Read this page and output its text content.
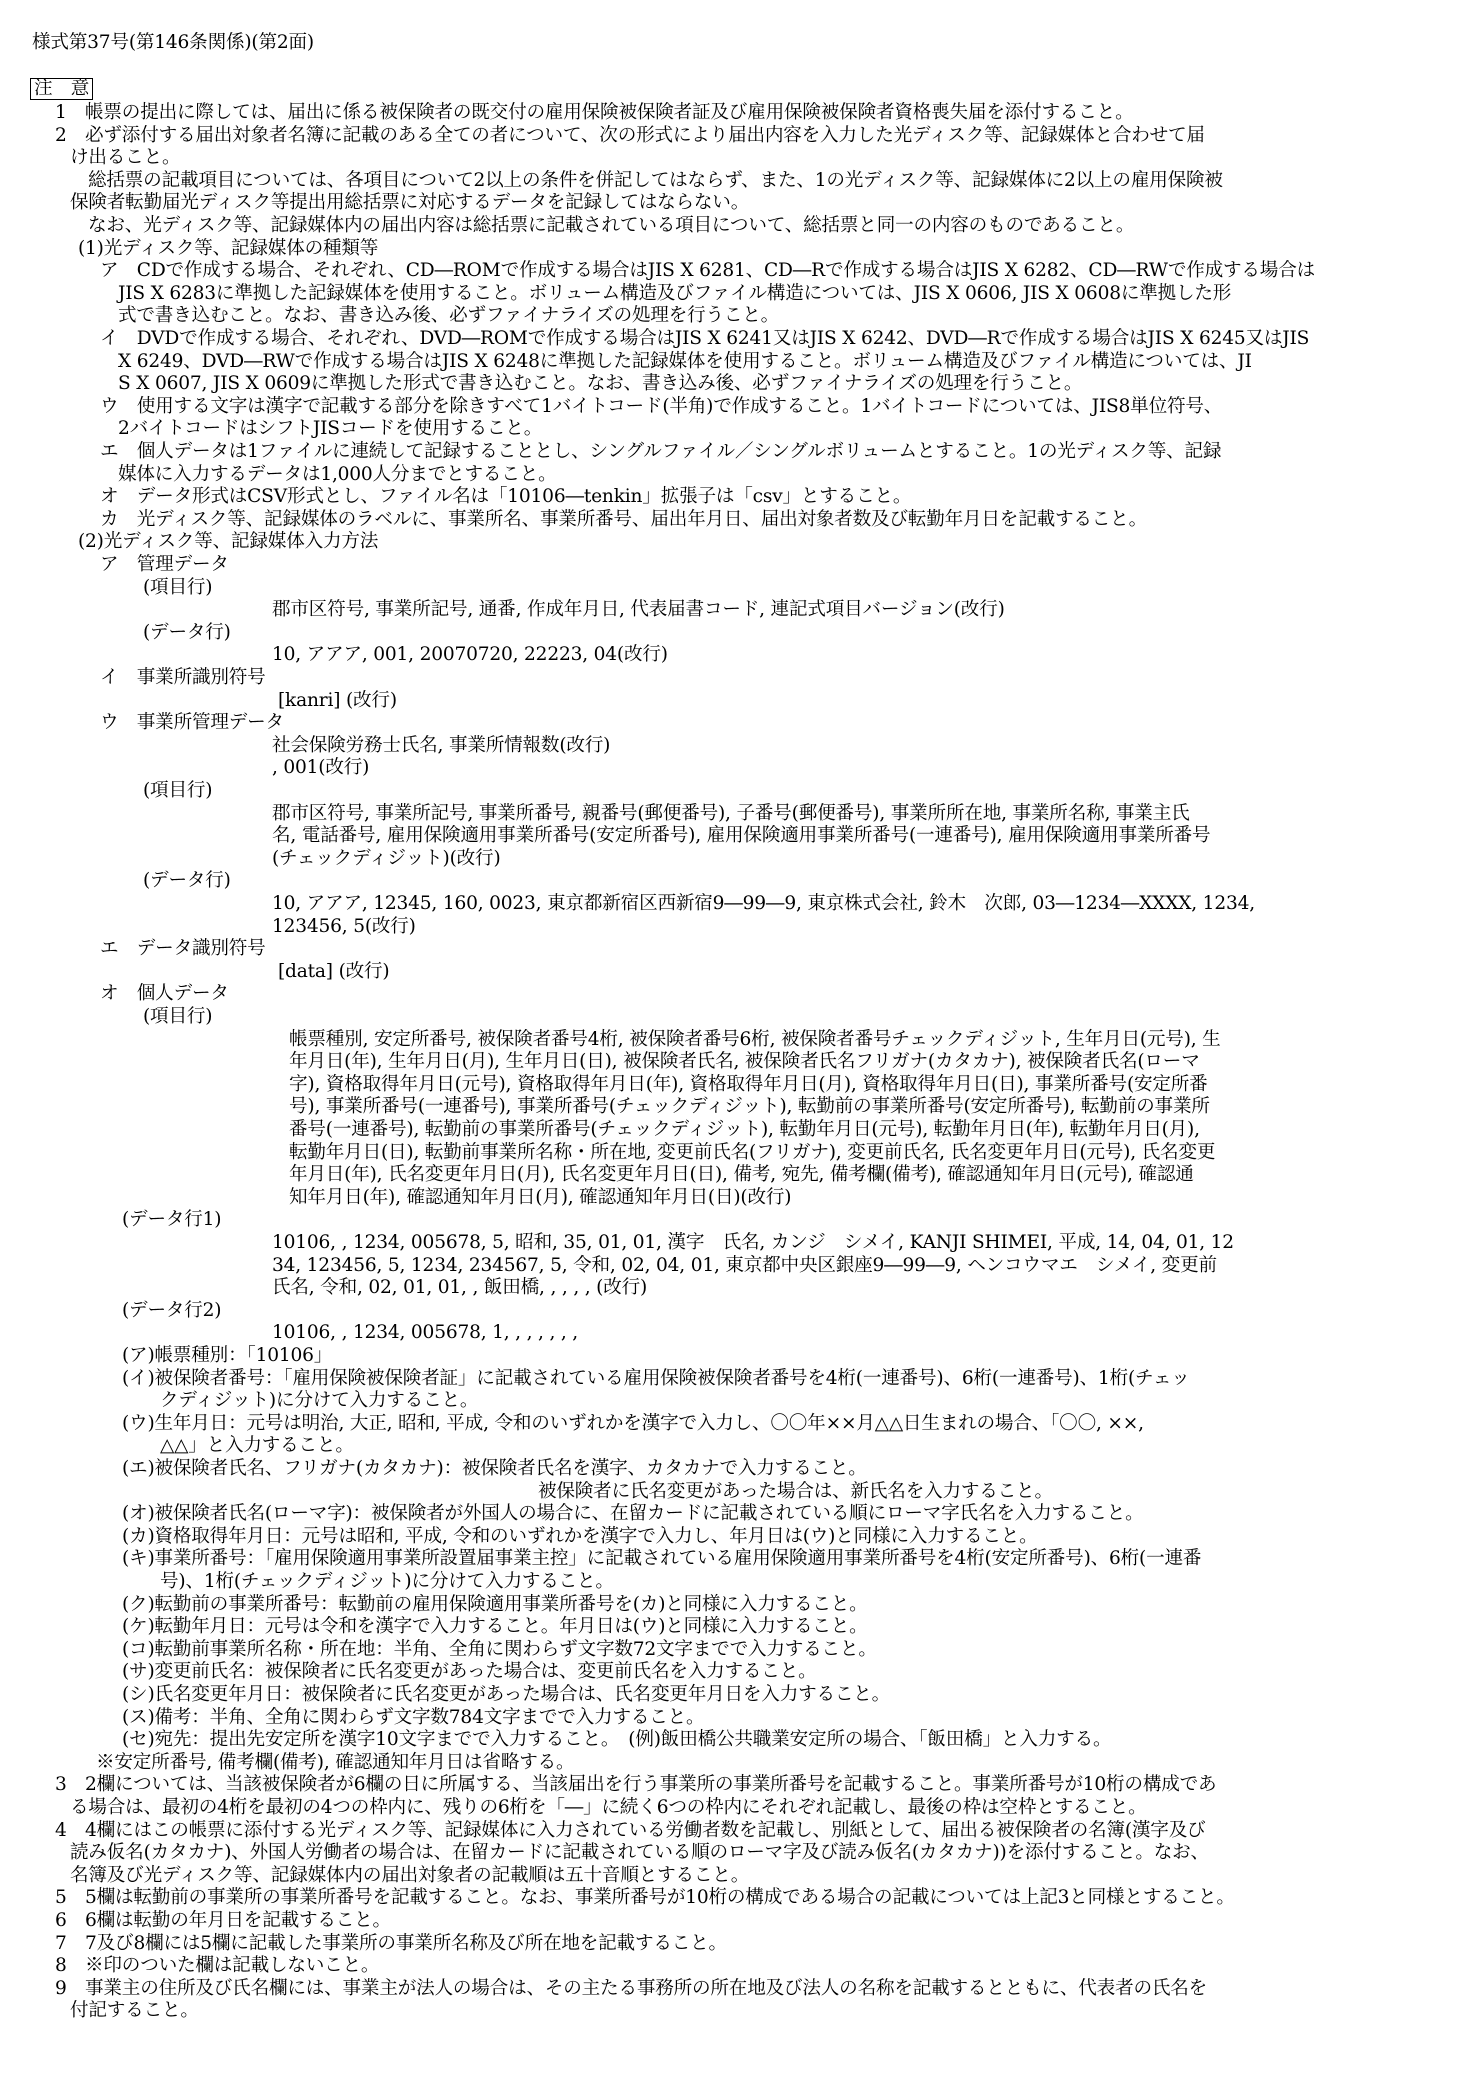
様式第37号(第146条関係)(第2面)
注　意
1　帳票の提出に際しては、届出に係る被保険者の既交付の雇用保険被保険者証及び雇用保険被保険者資格喪失届を添付すること。
2　必ず添付する届出対象者名簿に記載のある全ての者について、次の形式により届出内容を入力した光ディスク等、記録媒体と合わせて届
け出ること。
総括票の記載項目については、各項目について2以上の条件を併記してはならず、また、1の光ディスク等、記録媒体に2以上の雇用保険被
保険者転勤届光ディスク等提出用総括票に対応するデータを記録してはならない。
なお、光ディスク等、記録媒体内の届出内容は総括票に記載されている項目について、総括票と同一の内容のものであること。
(1)光ディスク等、記録媒体の種類等
ア　CDで作成する場合、それぞれ、CD―ROMで作成する場合はJIS X 6281、CD―Rで作成する場合はJIS X 6282、CD―RWで作成する場合は
JIS X 6283に準拠した記録媒体を使用すること。ボリューム構造及びファイル構造については、JIS X 0606, JIS X 0608に準拠した形
式で書き込むこと。なお、書き込み後、必ずファイナライズの処理を行うこと。
イ　DVDで作成する場合、それぞれ、DVD―ROMで作成する場合はJIS X 6241又はJIS X 6242、DVD―Rで作成する場合はJIS X 6245又はJIS
X 6249、DVD―RWで作成する場合はJIS X 6248に準拠した記録媒体を使用すること。ボリューム構造及びファイル構造については、JI
S X 0607, JIS X 0609に準拠した形式で書き込むこと。なお、書き込み後、必ずファイナライズの処理を行うこと。
ウ　使用する文字は漢字で記載する部分を除きすべて1バイトコード(半角)で作成すること。1バイトコードについては、JIS8単位符号、
2バイトコードはシフトJISコードを使用すること。
エ　個人データは1ファイルに連続して記録することとし、シングルファイル／シングルボリュームとすること。1の光ディスク等、記録
媒体に入力するデータは1,000人分までとすること。
オ　データ形式はCSV形式とし、ファイル名は「10106―tenkin」拡張子は「csv」とすること。
カ　光ディスク等、記録媒体のラベルに、事業所名、事業所番号、届出年月日、届出対象者数及び転勤年月日を記載すること。
(2)光ディスク等、記録媒体入力方法
ア　管理データ
(項目行)
郡市区符号, 事業所記号, 通番, 作成年月日, 代表届書コード, 連記式項目バージョン(改行)
(データ行)
10, アアア, 001, 20070720, 22223, 04(改行)
イ　事業所識別符号
[kanri] (改行)
ウ　事業所管理データ
社会保険労務士氏名, 事業所情報数(改行)
, 001(改行)
(項目行)
郡市区符号, 事業所記号, 事業所番号, 親番号(郵便番号), 子番号(郵便番号), 事業所所在地, 事業所名称, 事業主氏
名, 電話番号, 雇用保険適用事業所番号(安定所番号), 雇用保険適用事業所番号(一連番号), 雇用保険適用事業所番号
(チェックディジット)(改行)
(データ行)
10, アアア, 12345, 160, 0023, 東京都新宿区西新宿9―99―9, 東京株式会社, 鈴木　次郎, 03―1234―XXXX, 1234,
123456, 5(改行)
エ　データ識別符号
[data] (改行)
オ　個人データ
(項目行)
帳票種別, 安定所番号, 被保険者番号4桁, 被保険者番号6桁, 被保険者番号チェックディジット, 生年月日(元号), 生
年月日(年), 生年月日(月), 生年月日(日), 被保険者氏名, 被保険者氏名フリガナ(カタカナ), 被保険者氏名(ローマ
字), 資格取得年月日(元号), 資格取得年月日(年), 資格取得年月日(月), 資格取得年月日(日), 事業所番号(安定所番
号), 事業所番号(一連番号), 事業所番号(チェックディジット), 転勤前の事業所番号(安定所番号), 転勤前の事業所
番号(一連番号), 転勤前の事業所番号(チェックディジット), 転勤年月日(元号), 転勤年月日(年), 転勤年月日(月),
転勤年月日(日), 転勤前事業所名称・所在地, 変更前氏名(フリガナ), 変更前氏名, 氏名変更年月日(元号), 氏名変更
年月日(年), 氏名変更年月日(月), 氏名変更年月日(日), 備考, 宛先, 備考欄(備考), 確認通知年月日(元号), 確認通
知年月日(年), 確認通知年月日(月), 確認通知年月日(日)(改行)
(データ行1)
10106, , 1234, 005678, 5, 昭和, 35, 01, 01, 漢字　氏名, カンジ　シメイ, KANJI SHIMEI, 平成, 14, 04, 01, 12
34, 123456, 5, 1234, 234567, 5, 令和, 02, 04, 01, 東京都中央区銀座9―99―9, ヘンコウマエ　シメイ, 変更前
氏名, 令和, 02, 01, 01, , 飯田橋, , , , , (改行)
(データ行2)
10106, , 1234, 005678, 1, , , , , , ,
(ア)帳票種別：「10106」
(イ)被保険者番号：「雇用保険被保険者証」に記載されている雇用保険被保険者番号を4桁(一連番号)、6桁(一連番号)、1桁(チェッ
クディジット)に分けて入力すること。
(ウ)生年月日：元号は明治, 大正, 昭和, 平成, 令和のいずれかを漢字で入力し、〇〇年××月△△日生まれの場合、「〇〇, ××,
△△」と入力すること。
(エ)被保険者氏名、フリガナ(カタカナ)：被保険者氏名を漢字、カタカナで入力すること。
被保険者に氏名変更があった場合は、新氏名を入力すること。
(オ)被保険者氏名(ローマ字)：被保険者が外国人の場合に、在留カードに記載されている順にローマ字氏名を入力すること。
(カ)資格取得年月日：元号は昭和, 平成, 令和のいずれかを漢字で入力し、年月日は(ウ)と同様に入力すること。
(キ)事業所番号：「雇用保険適用事業所設置届事業主控」に記載されている雇用保険適用事業所番号を4桁(安定所番号)、6桁(一連番
号)、1桁(チェックディジット)に分けて入力すること。
(ク)転勤前の事業所番号：転勤前の雇用保険適用事業所番号を(カ)と同様に入力すること。
(ケ)転勤年月日：元号は令和を漢字で入力すること。年月日は(ウ)と同様に入力すること。
(コ)転勤前事業所名称・所在地：半角、全角に関わらず文字数72文字までで入力すること。
(サ)変更前氏名：被保険者に氏名変更があった場合は、変更前氏名を入力すること。
(シ)氏名変更年月日：被保険者に氏名変更があった場合は、氏名変更年月日を入力すること。
(ス)備考：半角、全角に関わらず文字数784文字までで入力すること。
(セ)宛先：提出先安定所を漢字10文字までで入力すること。　(例)飯田橋公共職業安定所の場合、「飯田橋」と入力する。
※安定所番号, 備考欄(備考), 確認通知年月日は省略する。
3　2欄については、当該被保険者が6欄の日に所属する、当該届出を行う事業所の事業所番号を記載すること。事業所番号が10桁の構成であ
る場合は、最初の4桁を最初の4つの枠内に、残りの6桁を「―」に続く6つの枠内にそれぞれ記載し、最後の枠は空枠とすること。
4　4欄にはこの帳票に添付する光ディスク等、記録媒体に入力されている労働者数を記載し、別紙として、届出る被保険者の名簿(漢字及び
読み仮名(カタカナ)、外国人労働者の場合は、在留カードに記載されている順のローマ字及び読み仮名(カタカナ))を添付すること。なお、
名簿及び光ディスク等、記録媒体内の届出対象者の記載順は五十音順とすること。
5　5欄は転勤前の事業所の事業所番号を記載すること。なお、事業所番号が10桁の構成である場合の記載については上記3と同様とすること。
6　6欄は転勤の年月日を記載すること。
7　7及び8欄には5欄に記載した事業所の事業所名称及び所在地を記載すること。
8　※印のついた欄は記載しないこと。
9　事業主の住所及び氏名欄には、事業主が法人の場合は、その主たる事務所の所在地及び法人の名称を記載するとともに、代表者の氏名を
付記すること。
